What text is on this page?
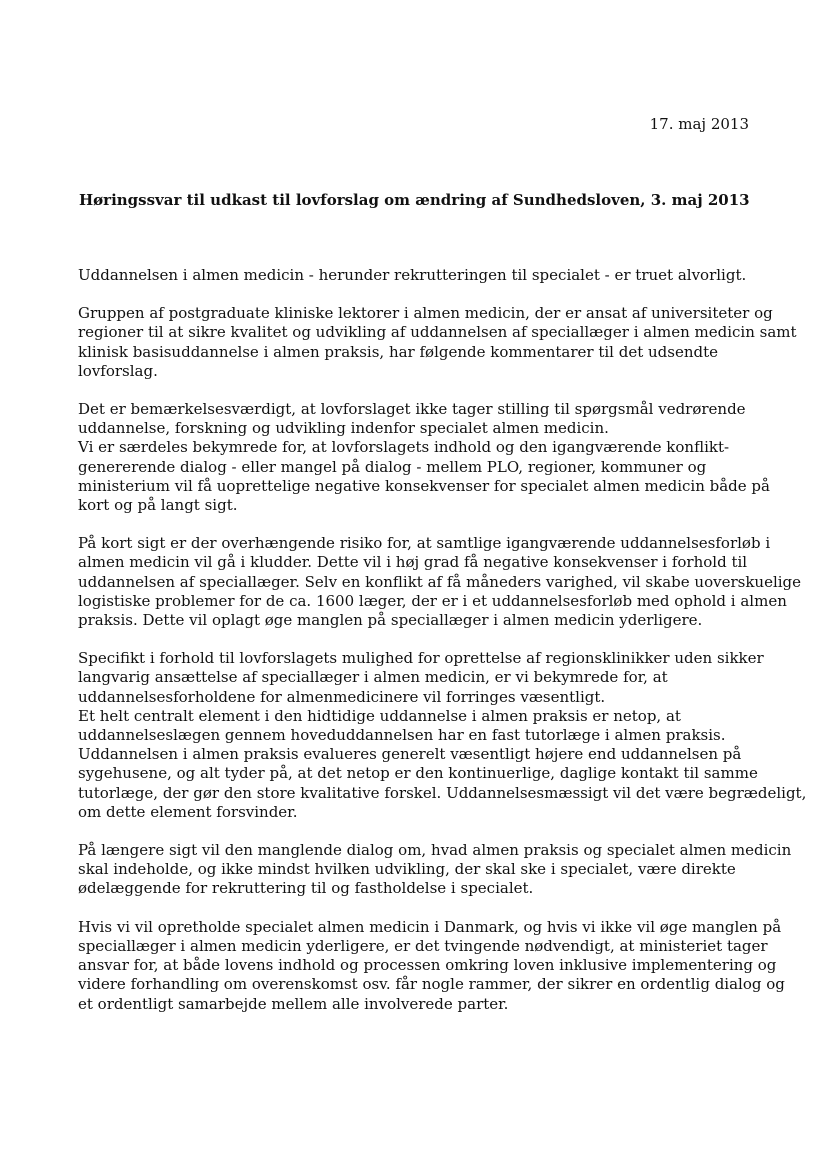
17. maj 2013
Høringssvar til udkast til lovforslag om ændring af Sundhedsloven, 3. maj 2013

Uddannelsen i almen medicin - herunder rekrutteringen til specialet - er truet alvorligt.

Gruppen af postgraduate kliniske lektorer i almen medicin, der er ansat af universiteter og
regioner til at sikre kvalitet og udvikling af uddannelsen af speciallæger i almen medicin samt
klinisk basisuddannelse i almen praksis, har følgende kommentarer til det udsendte
lovforslag.

Det er bemærkelsesværdigt, at lovforslaget ikke tager stilling til spørgsmål vedrørende
uddannelse, forskning og udvikling indenfor specialet almen medicin.
Vi er særdeles bekymrede for, at lovforslagets indhold og den igangværende konflikt-
genererende dialog - eller mangel på dialog - mellem PLO, regioner, kommuner og
ministerium vil få uoprettelige negative konsekvenser for specialet almen medicin både på
kort og på langt sigt.

På kort sigt er der overhængende risiko for, at samtlige igangværende uddannelsesforløb i
almen medicin vil gå i kludder. Dette vil i høj grad få negative konsekvenser i forhold til
uddannelsen af speciallæger. Selv en konflikt af få måneders varighed, vil skabe uoverskuelige
logistiske problemer for de ca. 1600 læger, der er i et uddannelsesforløb med ophold i almen
praksis. Dette vil oplagt øge manglen på speciallæger i almen medicin yderligere.

Specifikt i forhold til lovforslagets mulighed for oprettelse af regionsklinikker uden sikker
langvarig ansættelse af speciallæger i almen medicin, er vi bekymrede for, at
uddannelsesforholdene for almenmedicinere vil forringes væsentligt.
Et helt centralt element i den hidtidige uddannelse i almen praksis er netop, at
uddannelseslægen gennem hoveduddannelsen har en fast tutorlæge i almen praksis.
Uddannelsen i almen praksis evalueres generelt væsentligt højere end uddannelsen på
sygehusene, og alt tyder på, at det netop er den kontinuerlige, daglige kontakt til samme
tutorlæge, der gør den store kvalitative forskel. Uddannelsesmæssigt vil det være begrædeligt,
om dette element forsvinder.

På længere sigt vil den manglende dialog om, hvad almen praksis og specialet almen medicin
skal indeholde, og ikke mindst hvilken udvikling, der skal ske i specialet, være direkte
ødelæggende for rekruttering til og fastholdelse i specialet.

Hvis vi vil opretholde specialet almen medicin i Danmark, og hvis vi ikke vil øge manglen på
speciallæger i almen medicin yderligere, er det tvingende nødvendigt, at ministeriet tager
ansvar for, at både lovens indhold og processen omkring loven inklusive implementering og
videre forhandling om overenskomst osv. får nogle rammer, der sikrer en ordentlig dialog og
et ordentligt samarbejde mellem alle involverede parter.
